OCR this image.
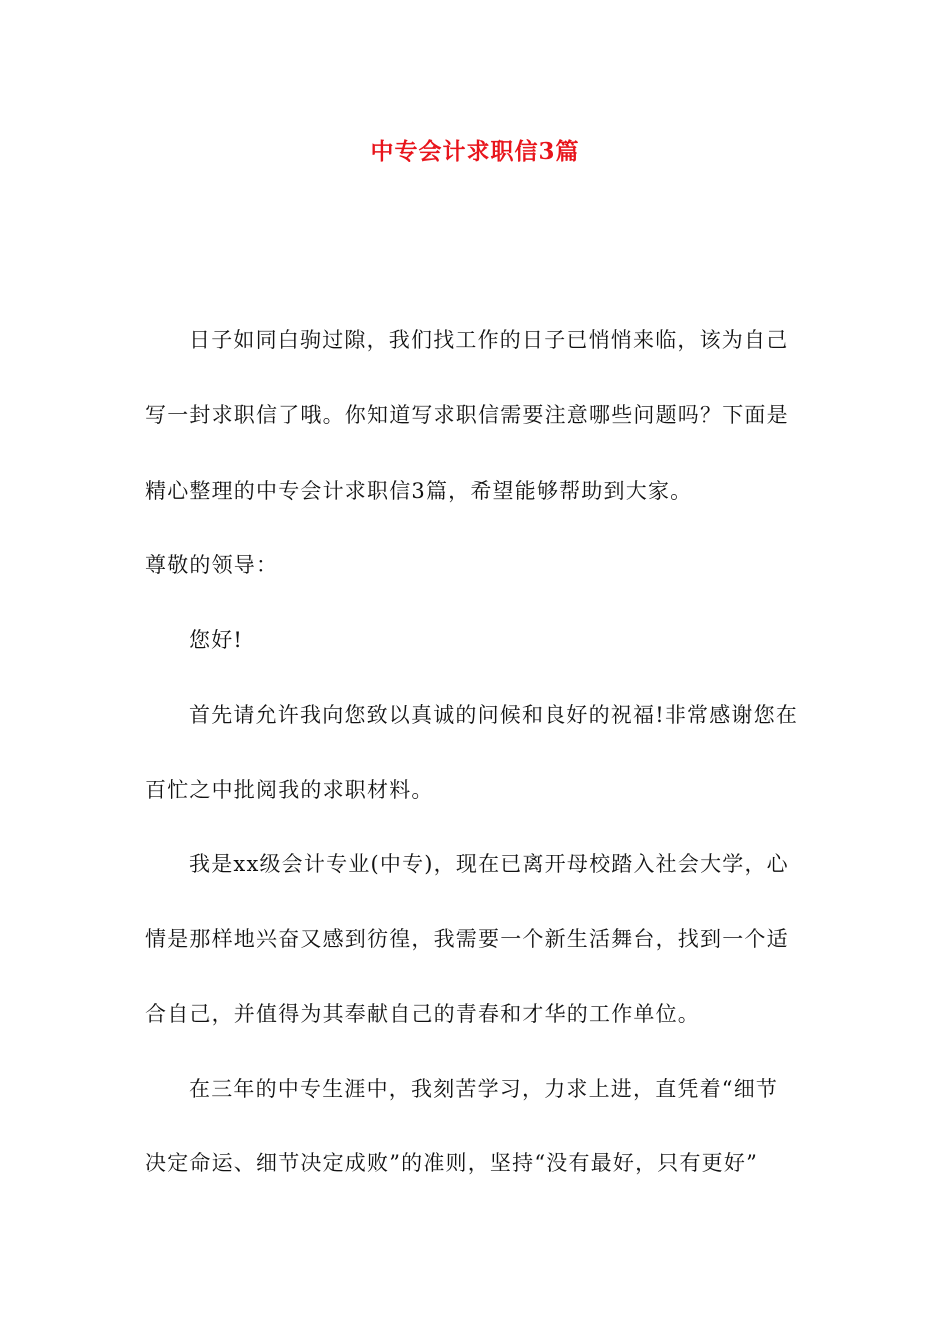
中专会计求职信3篇
日子如同白驹过隙，我们找工作的日子已悄悄来临，该为自己
写一封求职信了哦。你知道写求职信需要注意哪些问题吗？下面是
精心整理的中专会计求职信3篇，希望能够帮助到大家。
尊敬的领导：
您好!
首先请允许我向您致以真诚的问候和良好的祝福!非常感谢您在
百忙之中批阅我的求职材料。
我是xx级会计专业(中专)，现在已离开母校踏入社会大学，心
情是那样地兴奋又感到彷徨，我需要一个新生活舞台，找到一个适
合自己，并值得为其奉献自己的青春和才华的工作单位。
在三年的中专生涯中，我刻苦学习，力求上进，直凭着“细节
决定命运、细节决定成败”的准则，坚持“没有最好，只有更好”
